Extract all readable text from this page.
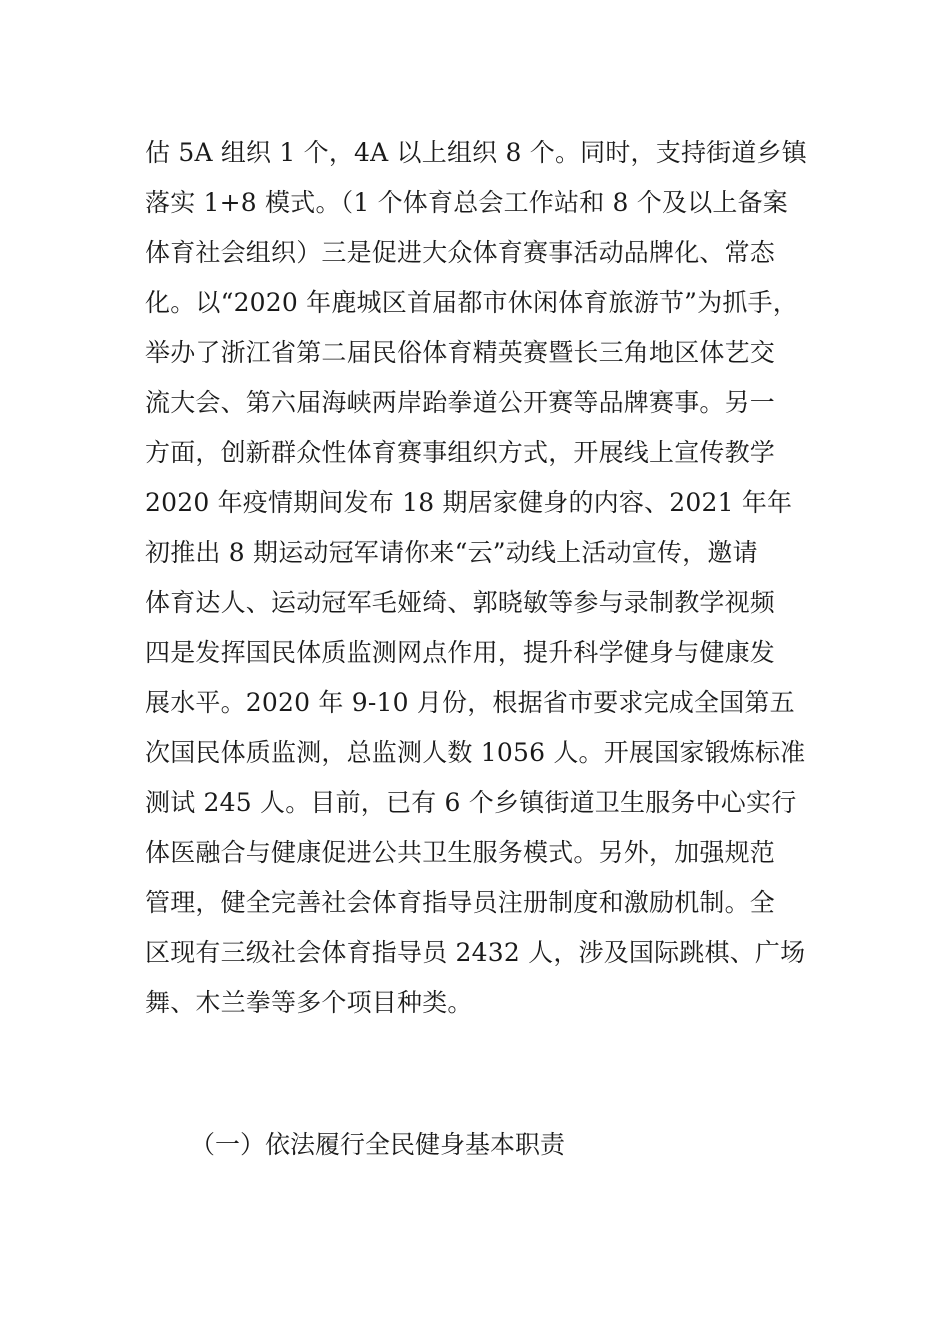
估 5A 组织 1 个，4A 以上组织 8 个。同时，支持街道乡镇
落实 1+8 模式。（1 个体育总会工作站和 8 个及以上备案
体育社会组织）三是促进大众体育赛事活动品牌化、常态
化。以“2020 年鹿城区首届都市休闲体育旅游节”为抓手，
举办了浙江省第二届民俗体育精英赛暨长三角地区体艺交
流大会、第六届海峡两岸跆拳道公开赛等品牌赛事。另一
方面，创新群众性体育赛事组织方式，开展线上宣传教学
2020 年疫情期间发布 18 期居家健身的内容、2021 年年
初推出 8 期运动冠军请你来“云”动线上活动宣传，邀请
体育达人、运动冠军毛娅绮、郭晓敏等参与录制教学视频
四是发挥国民体质监测网点作用，提升科学健身与健康发
展水平。2020 年 9-10 月份，根据省市要求完成全国第五
次国民体质监测，总监测人数 1056 人。开展国家锻炼标准
测试 245 人。目前，已有 6 个乡镇街道卫生服务中心实行
体医融合与健康促进公共卫生服务模式。另外，加强规范
管理，健全完善社会体育指导员注册制度和激励机制。全
区现有三级社会体育指导员 2432 人，涉及国际跳棋、广场
舞、木兰拳等多个项目种类。
（一）依法履行全民健身基本职责
